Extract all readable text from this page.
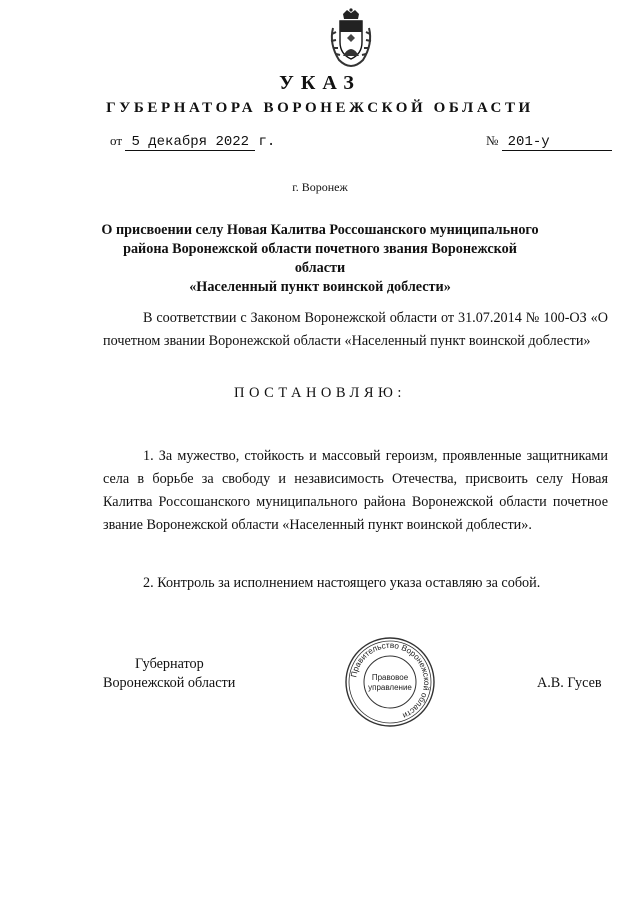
УКАЗ
ГУБЕРНАТОРА ВОРОНЕЖСКОЙ ОБЛАСТИ
от 5 декабря 2022 г.	№ 201-у
г. Воронеж
О присвоении селу Новая Калитва Россошанского муниципального
района Воронежской области почетного звания Воронежской области
«Населенный пункт воинской доблести»
В соответствии с Законом Воронежской области от 31.07.2014 № 100-ОЗ «О почетном звании Воронежской области «Населенный пункт воинской доблести»
ПОСТАНОВЛЯЮ:
1. За мужество, стойкость и массовый героизм, проявленные защитниками села в борьбе за свободу и независимость Отечества, присвоить селу Новая Калитва Россошанского муниципального района Воронежской области почетное звание Воронежской области «Населенный пункт воинской доблести».
2. Контроль за исполнением настоящего указа оставляю за собой.
Губернатор
Воронежской области
Правительство Воронежской области
Правовое
управление	А.В. Гусев
